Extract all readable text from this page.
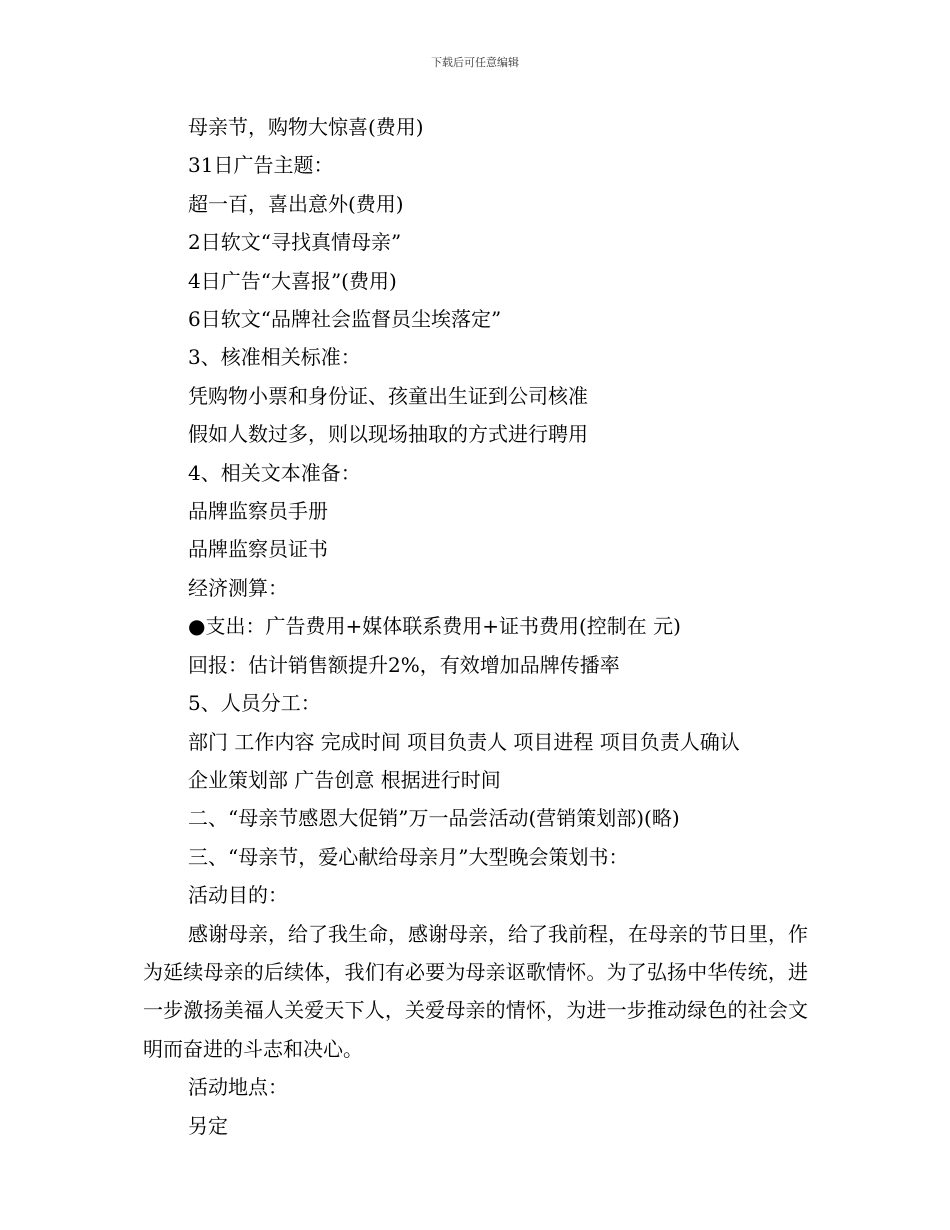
下载后可任意编辑
母亲节，购物大惊喜(费用)
31日广告主题：
超一百，喜出意外(费用)
2日软文“寻找真情母亲”
4日广告“大喜报”(费用)
6日软文“品牌社会监督员尘埃落定”
3、核准相关标准：
凭购物小票和身份证、孩童出生证到公司核准
假如人数过多，则以现场抽取的方式进行聘用
4、相关文本准备：
品牌监察员手册
品牌监察员证书
经济测算：
●支出：广告费用+媒体联系费用+证书费用(控制在 元)
回报：估计销售额提升2%，有效增加品牌传播率
5、人员分工：
部门 工作内容 完成时间 项目负责人 项目进程 项目负责人确认
企业策划部 广告创意 根据进行时间
二、“母亲节感恩大促销”万一品尝活动(营销策划部)(略)
三、“母亲节，爱心献给母亲月”大型晚会策划书：
活动目的：

感谢母亲，给了我生命，感谢母亲，给了我前程，在母亲的节日里，作为延续母亲的后续体，我们有必要为母亲讴歌情怀。为了弘扬中华传统，进一步激扬美福人关爱天下人，关爱母亲的情怀，为进一步推动绿色的社会文明而奋进的斗志和决心。

活动地点：
另定
